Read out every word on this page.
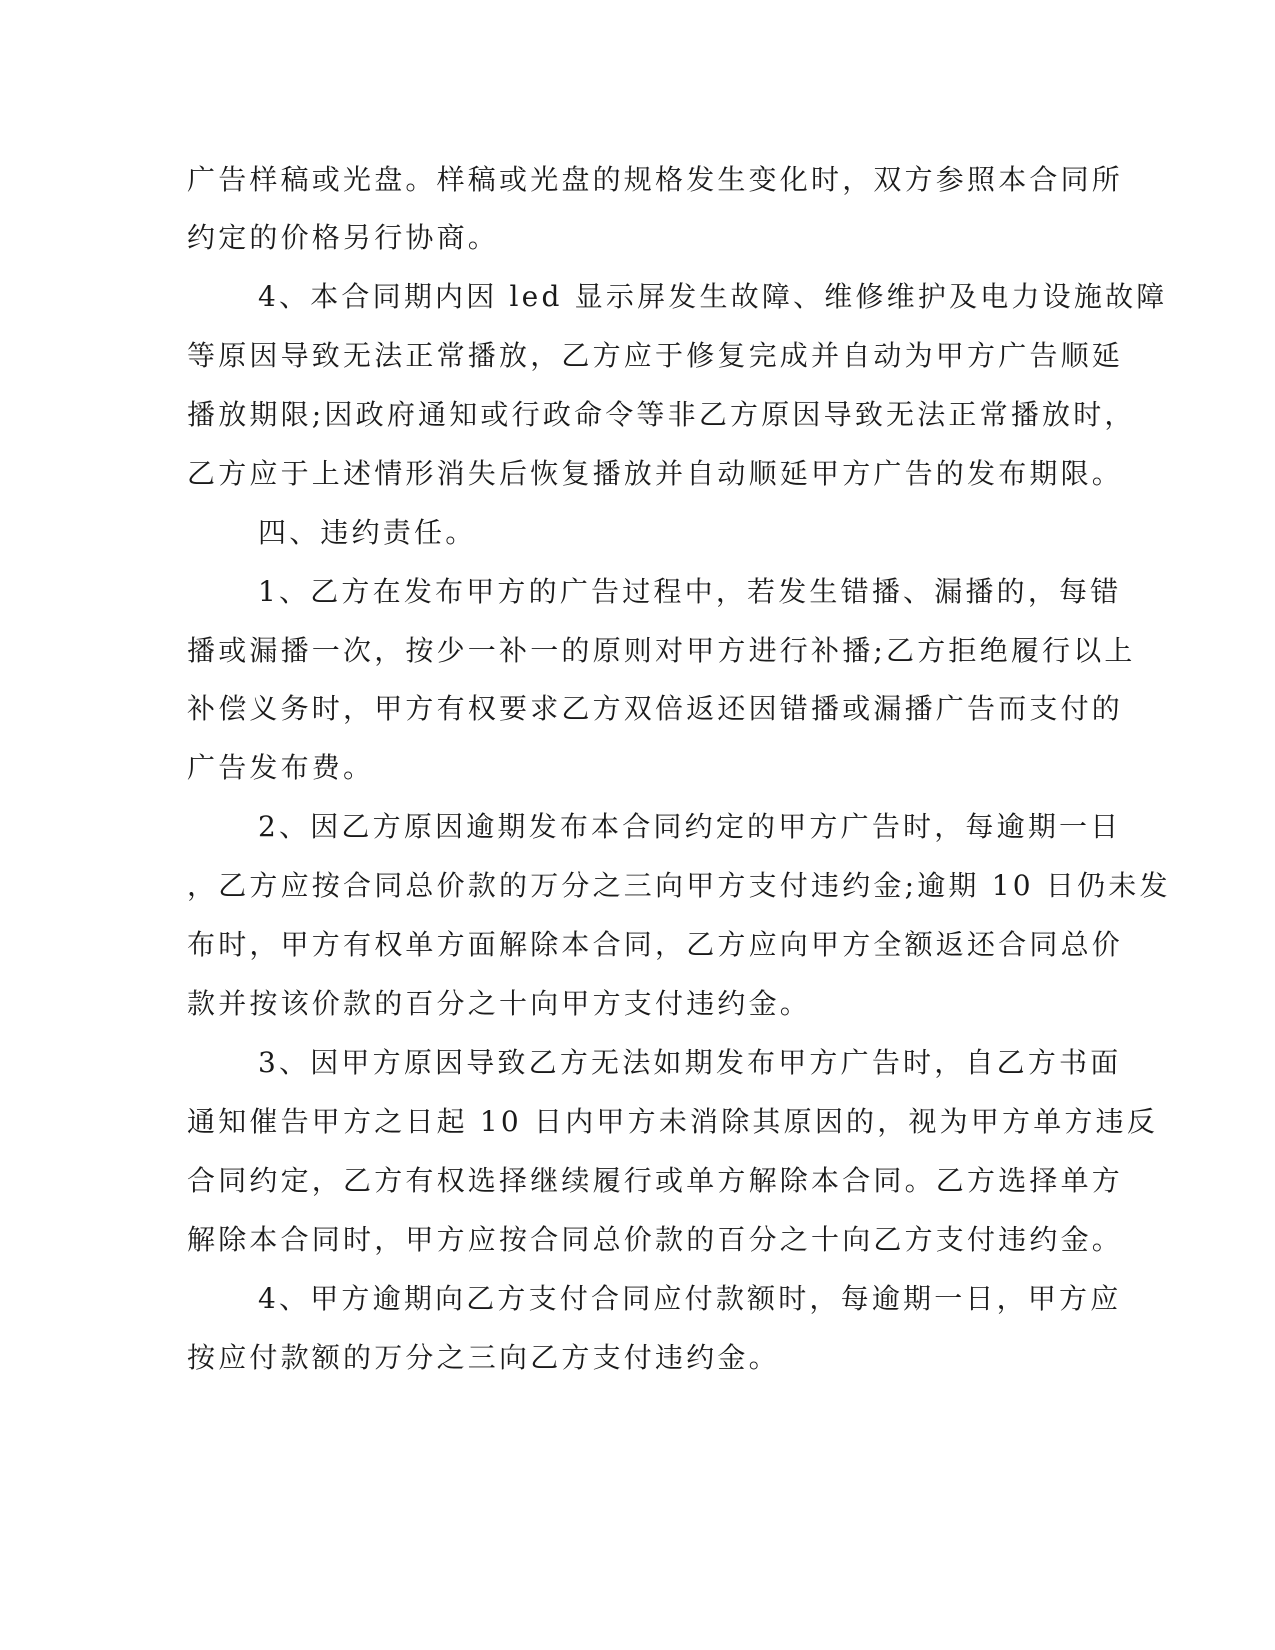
广告样稿或光盘。样稿或光盘的规格发生变化时，双方参照本合同所
约定的价格另行协商。
4、本合同期内因 led 显示屏发生故障、维修维护及电力设施故障
等原因导致无法正常播放，乙方应于修复完成并自动为甲方广告顺延
播放期限;因政府通知或行政命令等非乙方原因导致无法正常播放时，
乙方应于上述情形消失后恢复播放并自动顺延甲方广告的发布期限。
四、违约责任。
1、乙方在发布甲方的广告过程中，若发生错播、漏播的，每错
播或漏播一次，按少一补一的原则对甲方进行补播;乙方拒绝履行以上
补偿义务时，甲方有权要求乙方双倍返还因错播或漏播广告而支付的
广告发布费。
2、因乙方原因逾期发布本合同约定的甲方广告时，每逾期一日
，乙方应按合同总价款的万分之三向甲方支付违约金;逾期 10 日仍未发
布时，甲方有权单方面解除本合同，乙方应向甲方全额返还合同总价
款并按该价款的百分之十向甲方支付违约金。
3、因甲方原因导致乙方无法如期发布甲方广告时，自乙方书面
通知催告甲方之日起 10 日内甲方未消除其原因的，视为甲方单方违反
合同约定，乙方有权选择继续履行或单方解除本合同。乙方选择单方
解除本合同时，甲方应按合同总价款的百分之十向乙方支付违约金。
4、甲方逾期向乙方支付合同应付款额时，每逾期一日，甲方应
按应付款额的万分之三向乙方支付违约金。
